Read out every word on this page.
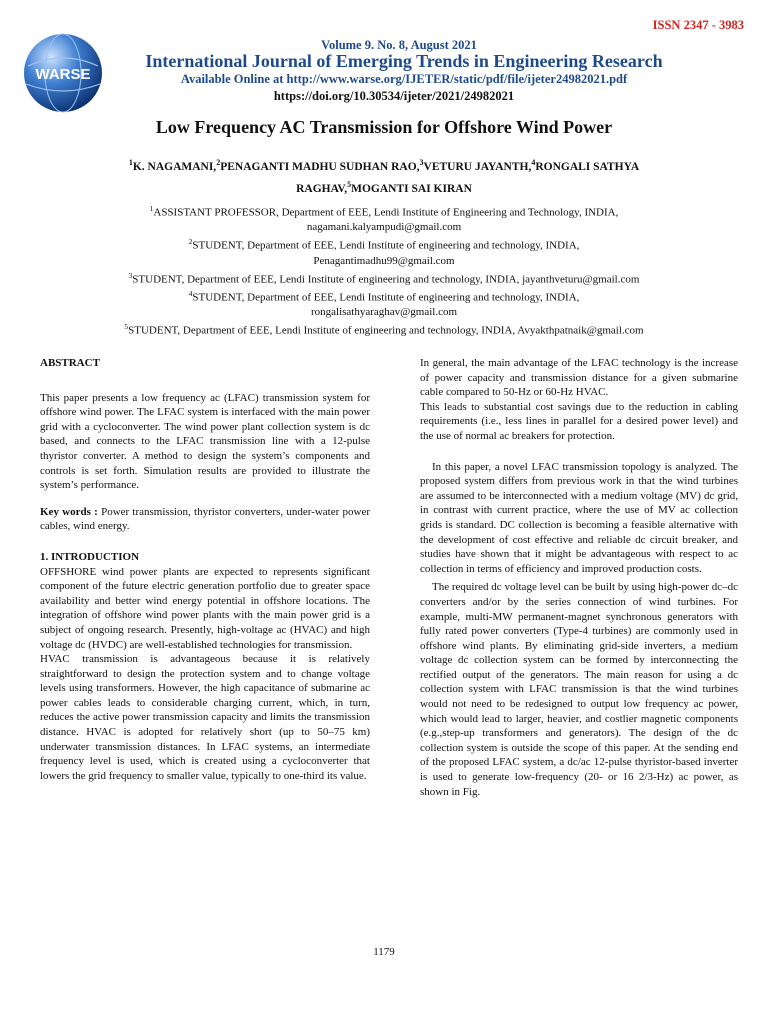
ISSN 2347 - 3983
WARSE
Volume 9. No. 8, August 2021
International Journal of Emerging Trends in Engineering Research
Available Online at http://www.warse.org/IJETER/static/pdf/file/ijeter24982021.pdf
https://doi.org/10.30534/ijeter/2021/24982021
Low Frequency AC Transmission for Offshore Wind Power
$^1$K. NAGAMANI,$^2$PENAGANTI MADHU SUDHAN RAO,$^3$VETURU JAYANTH,$^4$RONGALI SATHYA
RAGHAV,$^5$MOGANTI SAI KIRAN
$^1$ASSISTANT PROFESSOR, Department of EEE, Lendi Institute of Engineering and Technology, INDIA,
nagamani.kalyampudi@gmail.com
$^2$STUDENT, Department of EEE, Lendi Institute of engineering and technology, INDIA,
Penagantimadhu99@gmail.com
$^3$STUDENT, Department of EEE, Lendi Institute of engineering and technology, INDIA, jayanthveturu@gmail.com
$^4$STUDENT, Department of EEE, Lendi Institute of engineering and technology, INDIA,
rongalisathyaraghav@gmail.com
$^5$STUDENT, Department of EEE, Lendi Institute of engineering and technology, INDIA, Avyakthpatnaik@gmail.com

ABSTRACT

This paper presents a low frequency ac (LFAC) transmission system for offshore wind power. The LFAC system is interfaced with the main power grid with a cycloconverter. The wind power plant collection system is dc based, and connects to the LFAC transmission line with a 12-pulse thyristor converter. A method to design the system’s components and controls is set forth. Simulation results are provided to illustrate the system’s performance.

Key words : Power transmission, thyristor converters, under-water power cables, wind energy.

1. INTRODUCTION

OFFSHORE wind power plants are expected to represents significant component of the future electric generation portfolio due to greater space availability and better wind energy potential in offshore locations. The integration of offshore wind power plants with the main power grid is a subject of ongoing research. Presently, high-voltage ac (HVAC) and high voltage dc (HVDC) are well-established technologies for transmission.

HVAC transmission is advantageous because it is relatively straightforward to design the protection system and to change voltage levels using transformers. However, the high capacitance of submarine ac power cables leads to considerable charging current, which, in turn, reduces the active power transmission capacity and limits the transmission distance. HVAC is adopted for relatively short (up to 50–75 km) underwater transmission distances. In LFAC systems, an intermediate frequency level is used, which is created using a cycloconverter that lowers the grid frequency to smaller value, typically to one-third its value.

In general, the main advantage of the LFAC technology is the increase of power capacity and transmission distance for a given submarine cable compared to 50-Hz or 60-Hz HVAC.

This leads to substantial cost savings due to the reduction in cabling requirements (i.e., less lines in parallel for a desired power level) and the use of normal ac breakers for protection.

In this paper, a novel LFAC transmission topology is analyzed. The proposed system differs from previous work in that the wind turbines are assumed to be interconnected with a medium voltage (MV) dc grid, in contrast with current practice, where the use of MV ac collection grids is standard. DC collection is becoming a feasible alternative with the development of cost effective and reliable dc circuit breaker, and studies have shown that it might be advantageous with respect to ac collection in terms of efficiency and improved production costs.

The required dc voltage level can be built by using high-power dc–dc converters and/or by the series connection of wind turbines. For example, multi-MW permanent-magnet synchronous generators with fully rated power converters (Type-4 turbines) are commonly used in offshore wind plants. By eliminating grid-side inverters, a medium voltage dc collection system can be formed by interconnecting the rectified output of the generators. The main reason for using a dc collection system with LFAC transmission is that the wind turbines would not need to be redesigned to output low frequency ac power, which would lead to larger, heavier, and costlier magnetic components (e.g.,step-up transformers and generators). The design of the dc collection system is outside the scope of this paper. At the sending end of the proposed LFAC system, a dc/ac 12-pulse thyristor-based inverter is used to generate low-frequency (20- or 16 2/3-Hz) ac power, as shown in Fig.

1179
